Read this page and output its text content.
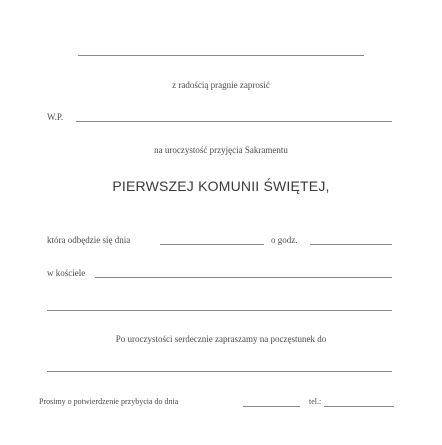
z radością pragnie zaprosić
W.P.
na uroczystość przyjęcia Sakramentu
PIERWSZEJ KOMUNII ŚWIĘTEJ,
która odbędzie się dnia	o godz.
w kościele
Po uroczystości serdecznie zapraszamy na poczęstunek do
Prosimy o potwierdzenie przybycia do dnia	tel.:
